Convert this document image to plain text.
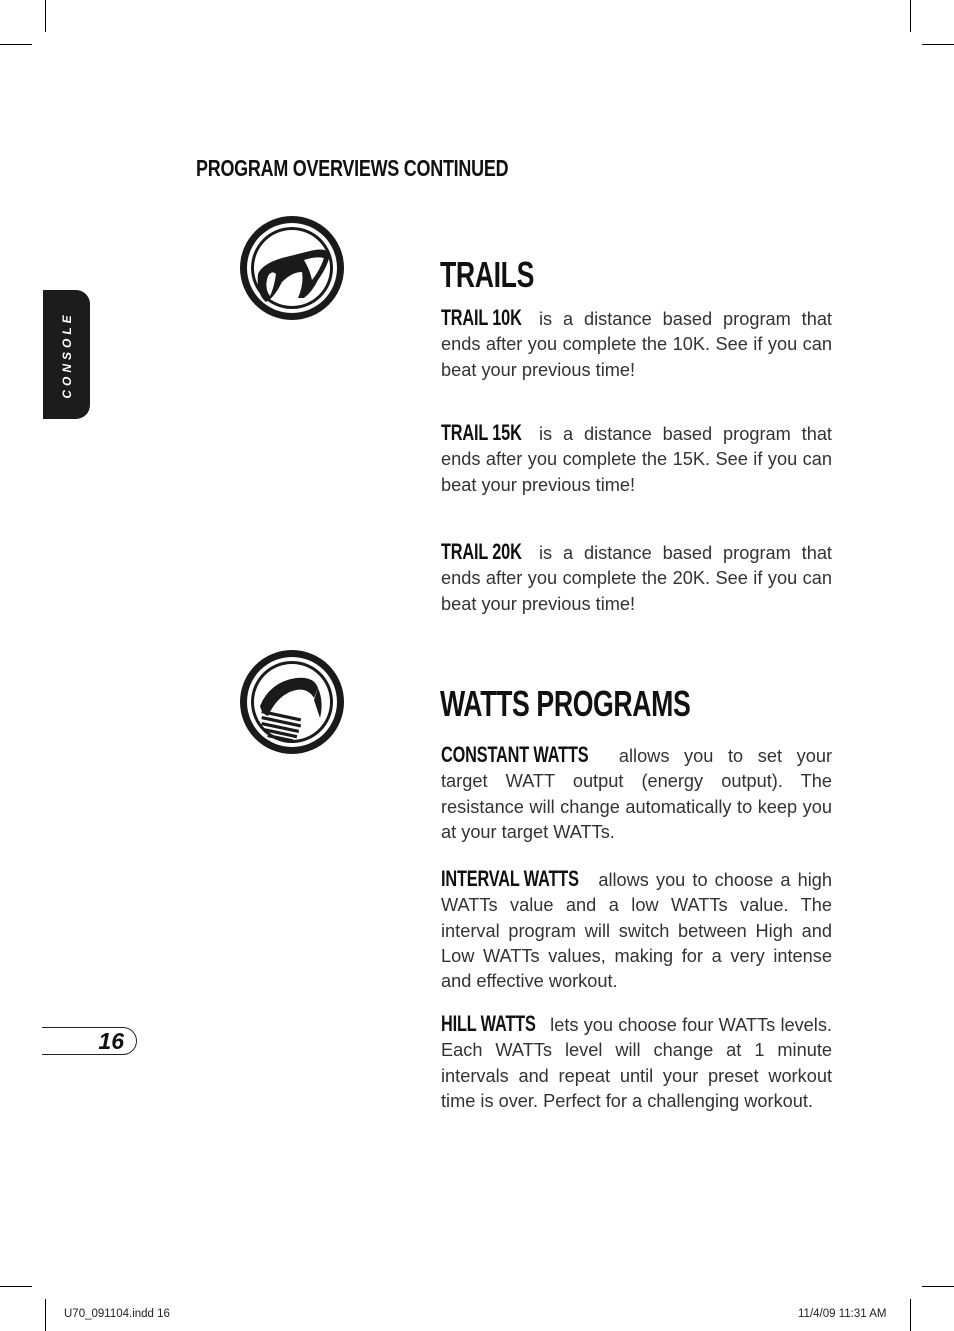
PROGRAM OVERVIEWS CONTINUED
CONSOLE
TRAILS

TRAIL 10K is a distance based program that ends after you complete the 10K. See if you can beat your previous time!

TRAIL 15K is a distance based program that ends after you complete the 15K. See if you can beat your previous time!

TRAIL 20K is a distance based program that ends after you complete the 20K. See if you can beat your previous time!

WATTS PROGRAMS

CONSTANT WATTS allows you to set your target WATT output (energy output). The resistance will change automatically to keep you at your target WATTs.

INTERVAL WATTS allows you to choose a high WATTs value and a low WATTs value. The interval program will switch between High and Low WATTs values, making for a very intense and effective workout.

HILL WATTS lets you choose four WATTs levels. Each WATTs level will change at 1 minute intervals and repeat until your preset workout time is over. Perfect for a challenging workout.

16
U70_091104.indd 16	11/4/09 11:31 AM
